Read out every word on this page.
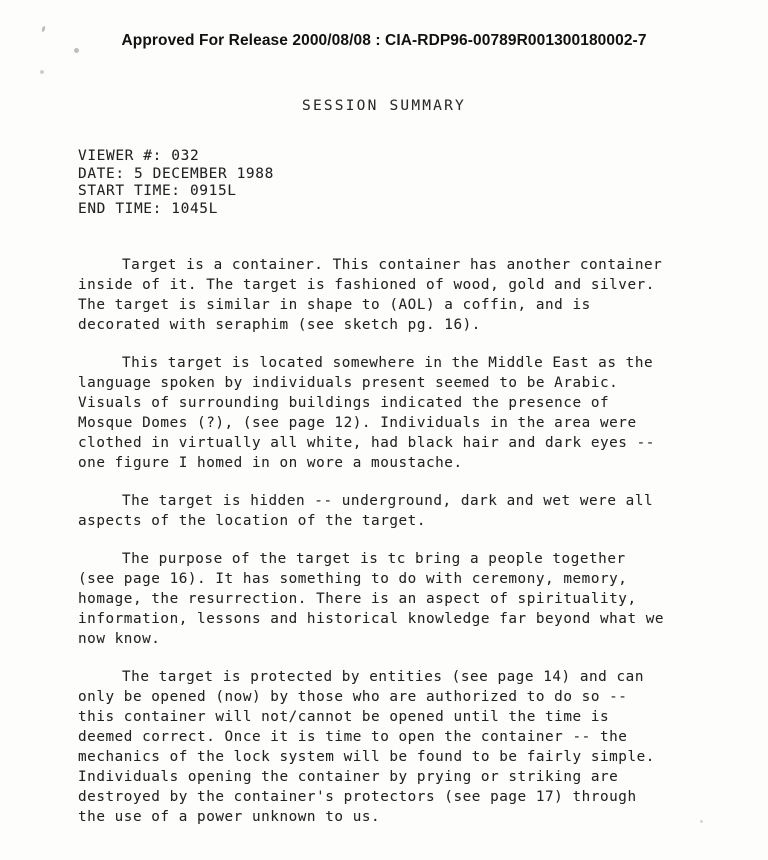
Approved For Release 2000/08/08 : CIA-RDP96-00789R001300180002-7
SESSION SUMMARY
VIEWER #: 032
DATE: 5 DECEMBER 1988
START TIME: 0915L
END TIME: 1045L

Target is a container. This container has another container inside of it. The target is fashioned of wood, gold and silver. The target is similar in shape to (AOL) a coffin, and is decorated with seraphim (see sketch pg. 16).

This target is located somewhere in the Middle East as the language spoken by individuals present seemed to be Arabic. Visuals of surrounding buildings indicated the presence of Mosque Domes (?), (see page 12). Individuals in the area were clothed in virtually all white, had black hair and dark eyes -- one figure I homed in on wore a moustache.

The target is hidden -- underground, dark and wet were all aspects of the location of the target.

The purpose of the target is tc bring a people together (see page 16). It has something to do with ceremony, memory, homage, the resurrection. There is an aspect of spirituality, information, lessons and historical knowledge far beyond what we now know.

The target is protected by entities (see page 14) and can only be opened (now) by those who are authorized to do so -- this container will not/cannot be opened until the time is deemed correct. Once it is time to open the container -- the mechanics of the lock system will be found to be fairly simple. Individuals opening the container by prying or striking are destroyed by the container's protectors (see page 17) through the use of a power unknown to us.
